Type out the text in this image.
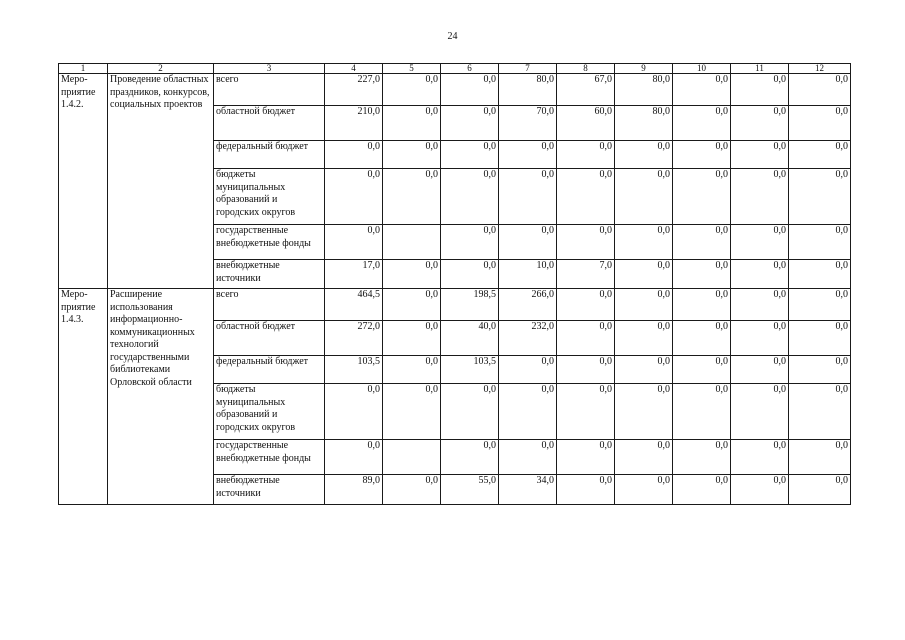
24
1	2	3	4	5	6	7	8	9	10	11	12
Меро-приятие 1.4.2.	Проведение областных праздников, конкурсов, социальных проектов	всего	227,0	0,0	0,0	80,0	67,0	80,0	0,0	0,0	0,0
		областной бюджет	210,0	0,0	0,0	70,0	60,0	80,0	0,0	0,0	0,0
		федеральный бюджет	0,0	0,0	0,0	0,0	0,0	0,0	0,0	0,0	0,0
		бюджеты муниципальных образований и городских округов	0,0	0,0	0,0	0,0	0,0	0,0	0,0	0,0	0,0
		государственные внебюджетные фонды	0,0		0,0	0,0	0,0	0,0	0,0	0,0	0,0
		внебюджетные источники	17,0	0,0	0,0	10,0	7,0	0,0	0,0	0,0	0,0
Меро-приятие 1.4.3.	Расширение использования информационно-коммуникационных технологий государственными библиотеками Орловской области	всего	464,5	0,0	198,5	266,0	0,0	0,0	0,0	0,0	0,0
		областной бюджет	272,0	0,0	40,0	232,0	0,0	0,0	0,0	0,0	0,0
		федеральный бюджет	103,5	0,0	103,5	0,0	0,0	0,0	0,0	0,0	0,0
		бюджеты муниципальных образований и городских округов	0,0	0,0	0,0	0,0	0,0	0,0	0,0	0,0	0,0
		государственные внебюджетные фонды	0,0		0,0	0,0	0,0	0,0	0,0	0,0	0,0
		внебюджетные источники	89,0	0,0	55,0	34,0	0,0	0,0	0,0	0,0	0,0
